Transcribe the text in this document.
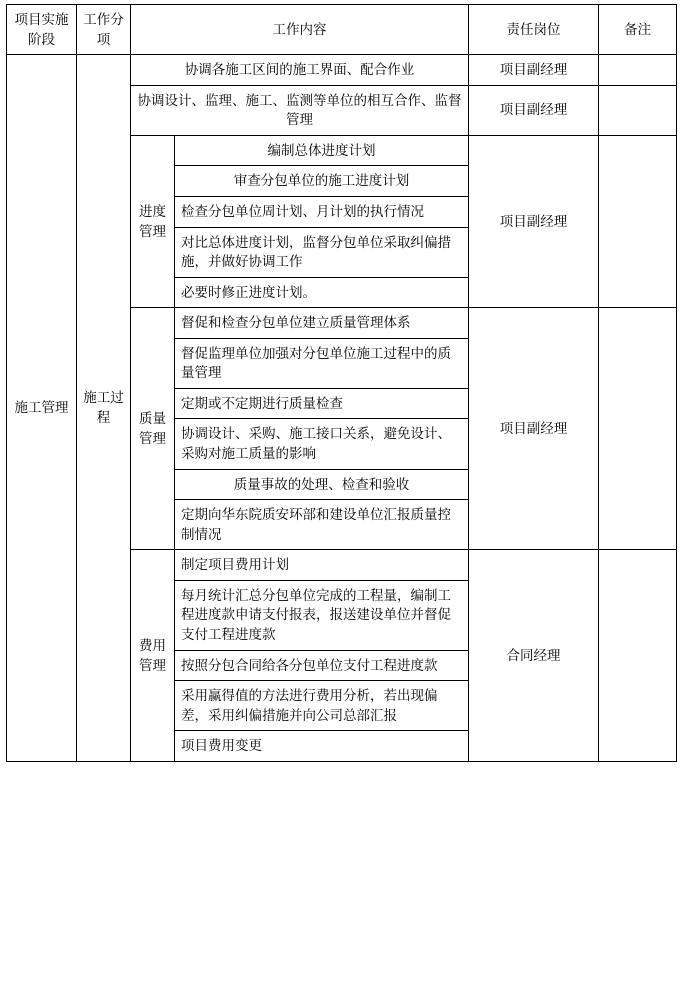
项目实施阶段	工作分项	工作内容		责任岗位	备注
施工管理	施工过程	协调各施工区间的施工界面、配合作业		项目副经理	
		协调设计、监理、施工、监测等单位的相互合作、监督管理		项目副经理	
		进度管理	编制总体进度计划	项目副经理	
			审查分包单位的施工进度计划		
			检查分包单位周计划、月计划的执行情况		
			对比总体进度计划，监督分包单位采取纠偏措施，并做好协调工作		
			必要时修正进度计划。		
		质量管理	督促和检查分包单位建立质量管理体系	项目副经理	
			督促监理单位加强对分包单位施工过程中的质量管理		
			定期或不定期进行质量检查		
			协调设计、采购、施工接口关系，避免设计、采购对施工质量的影响		
			质量事故的处理、检查和验收		
			定期向华东院质安环部和建设单位汇报质量控制情况		
		费用管理	制定项目费用计划	合同经理	
			每月统计汇总分包单位完成的工程量，编制工程进度款申请支付报表，报送建设单位并督促支付工程进度款		
			按照分包合同给各分包单位支付工程进度款		
			采用赢得值的方法进行费用分析，若出现偏差，采用纠偏措施并向公司总部汇报		
			项目费用变更		
